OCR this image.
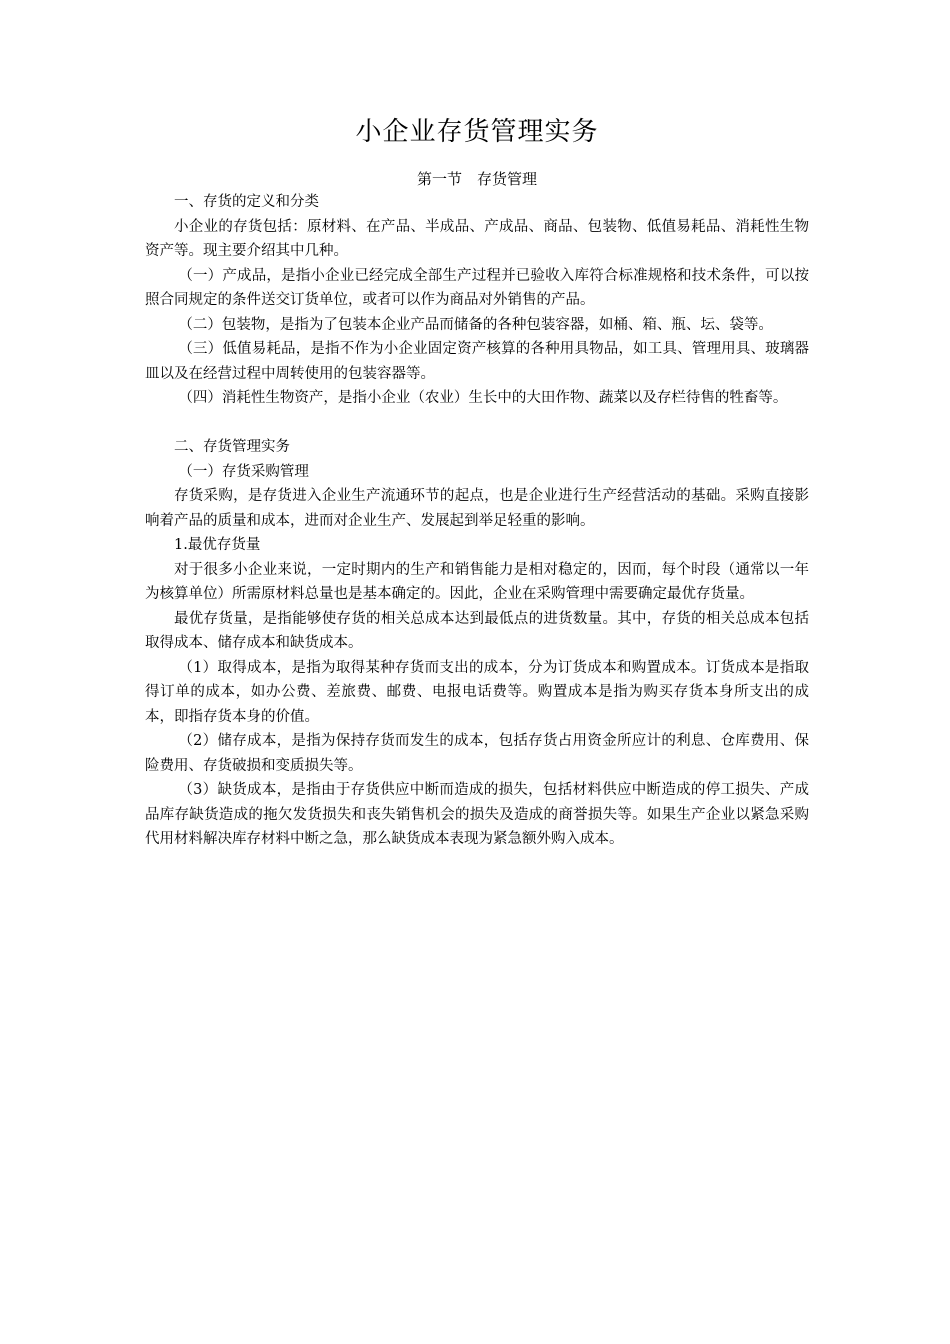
小企业存货管理实务
第一节　存货管理

一、存货的定义和分类

小企业的存货包括：原材料、在产品、半成品、产成品、商品、包装物、低值易耗品、消耗性生物资产等。现主要介绍其中几种。

（一）产成品，是指小企业已经完成全部生产过程并已验收入库符合标准规格和技术条件，可以按照合同规定的条件送交订货单位，或者可以作为商品对外销售的产品。

（二）包装物，是指为了包装本企业产品而储备的各种包装容器，如桶、箱、瓶、坛、袋等。

（三）低值易耗品，是指不作为小企业固定资产核算的各种用具物品，如工具、管理用具、玻璃器皿以及在经营过程中周转使用的包装容器等。

（四）消耗性生物资产，是指小企业（农业）生长中的大田作物、蔬菜以及存栏待售的牲畜等。

二、存货管理实务

（一）存货采购管理

存货采购，是存货进入企业生产流通环节的起点，也是企业进行生产经营活动的基础。采购直接影响着产品的质量和成本，进而对企业生产、发展起到举足轻重的影响。

1.最优存货量

对于很多小企业来说，一定时期内的生产和销售能力是相对稳定的，因而，每个时段（通常以一年为核算单位）所需原材料总量也是基本确定的。因此，企业在采购管理中需要确定最优存货量。

最优存货量，是指能够使存货的相关总成本达到最低点的进货数量。其中，存货的相关总成本包括取得成本、储存成本和缺货成本。

（1）取得成本，是指为取得某种存货而支出的成本，分为订货成本和购置成本。订货成本是指取得订单的成本，如办公费、差旅费、邮费、电报电话费等。购置成本是指为购买存货本身所支出的成本，即指存货本身的价值。

（2）储存成本，是指为保持存货而发生的成本，包括存货占用资金所应计的利息、仓库费用、保险费用、存货破损和变质损失等。

（3）缺货成本，是指由于存货供应中断而造成的损失，包括材料供应中断造成的停工损失、产成品库存缺货造成的拖欠发货损失和丧失销售机会的损失及造成的商誉损失等。如果生产企业以紧急采购代用材料解决库存材料中断之急，那么缺货成本表现为紧急额外购入成本。
